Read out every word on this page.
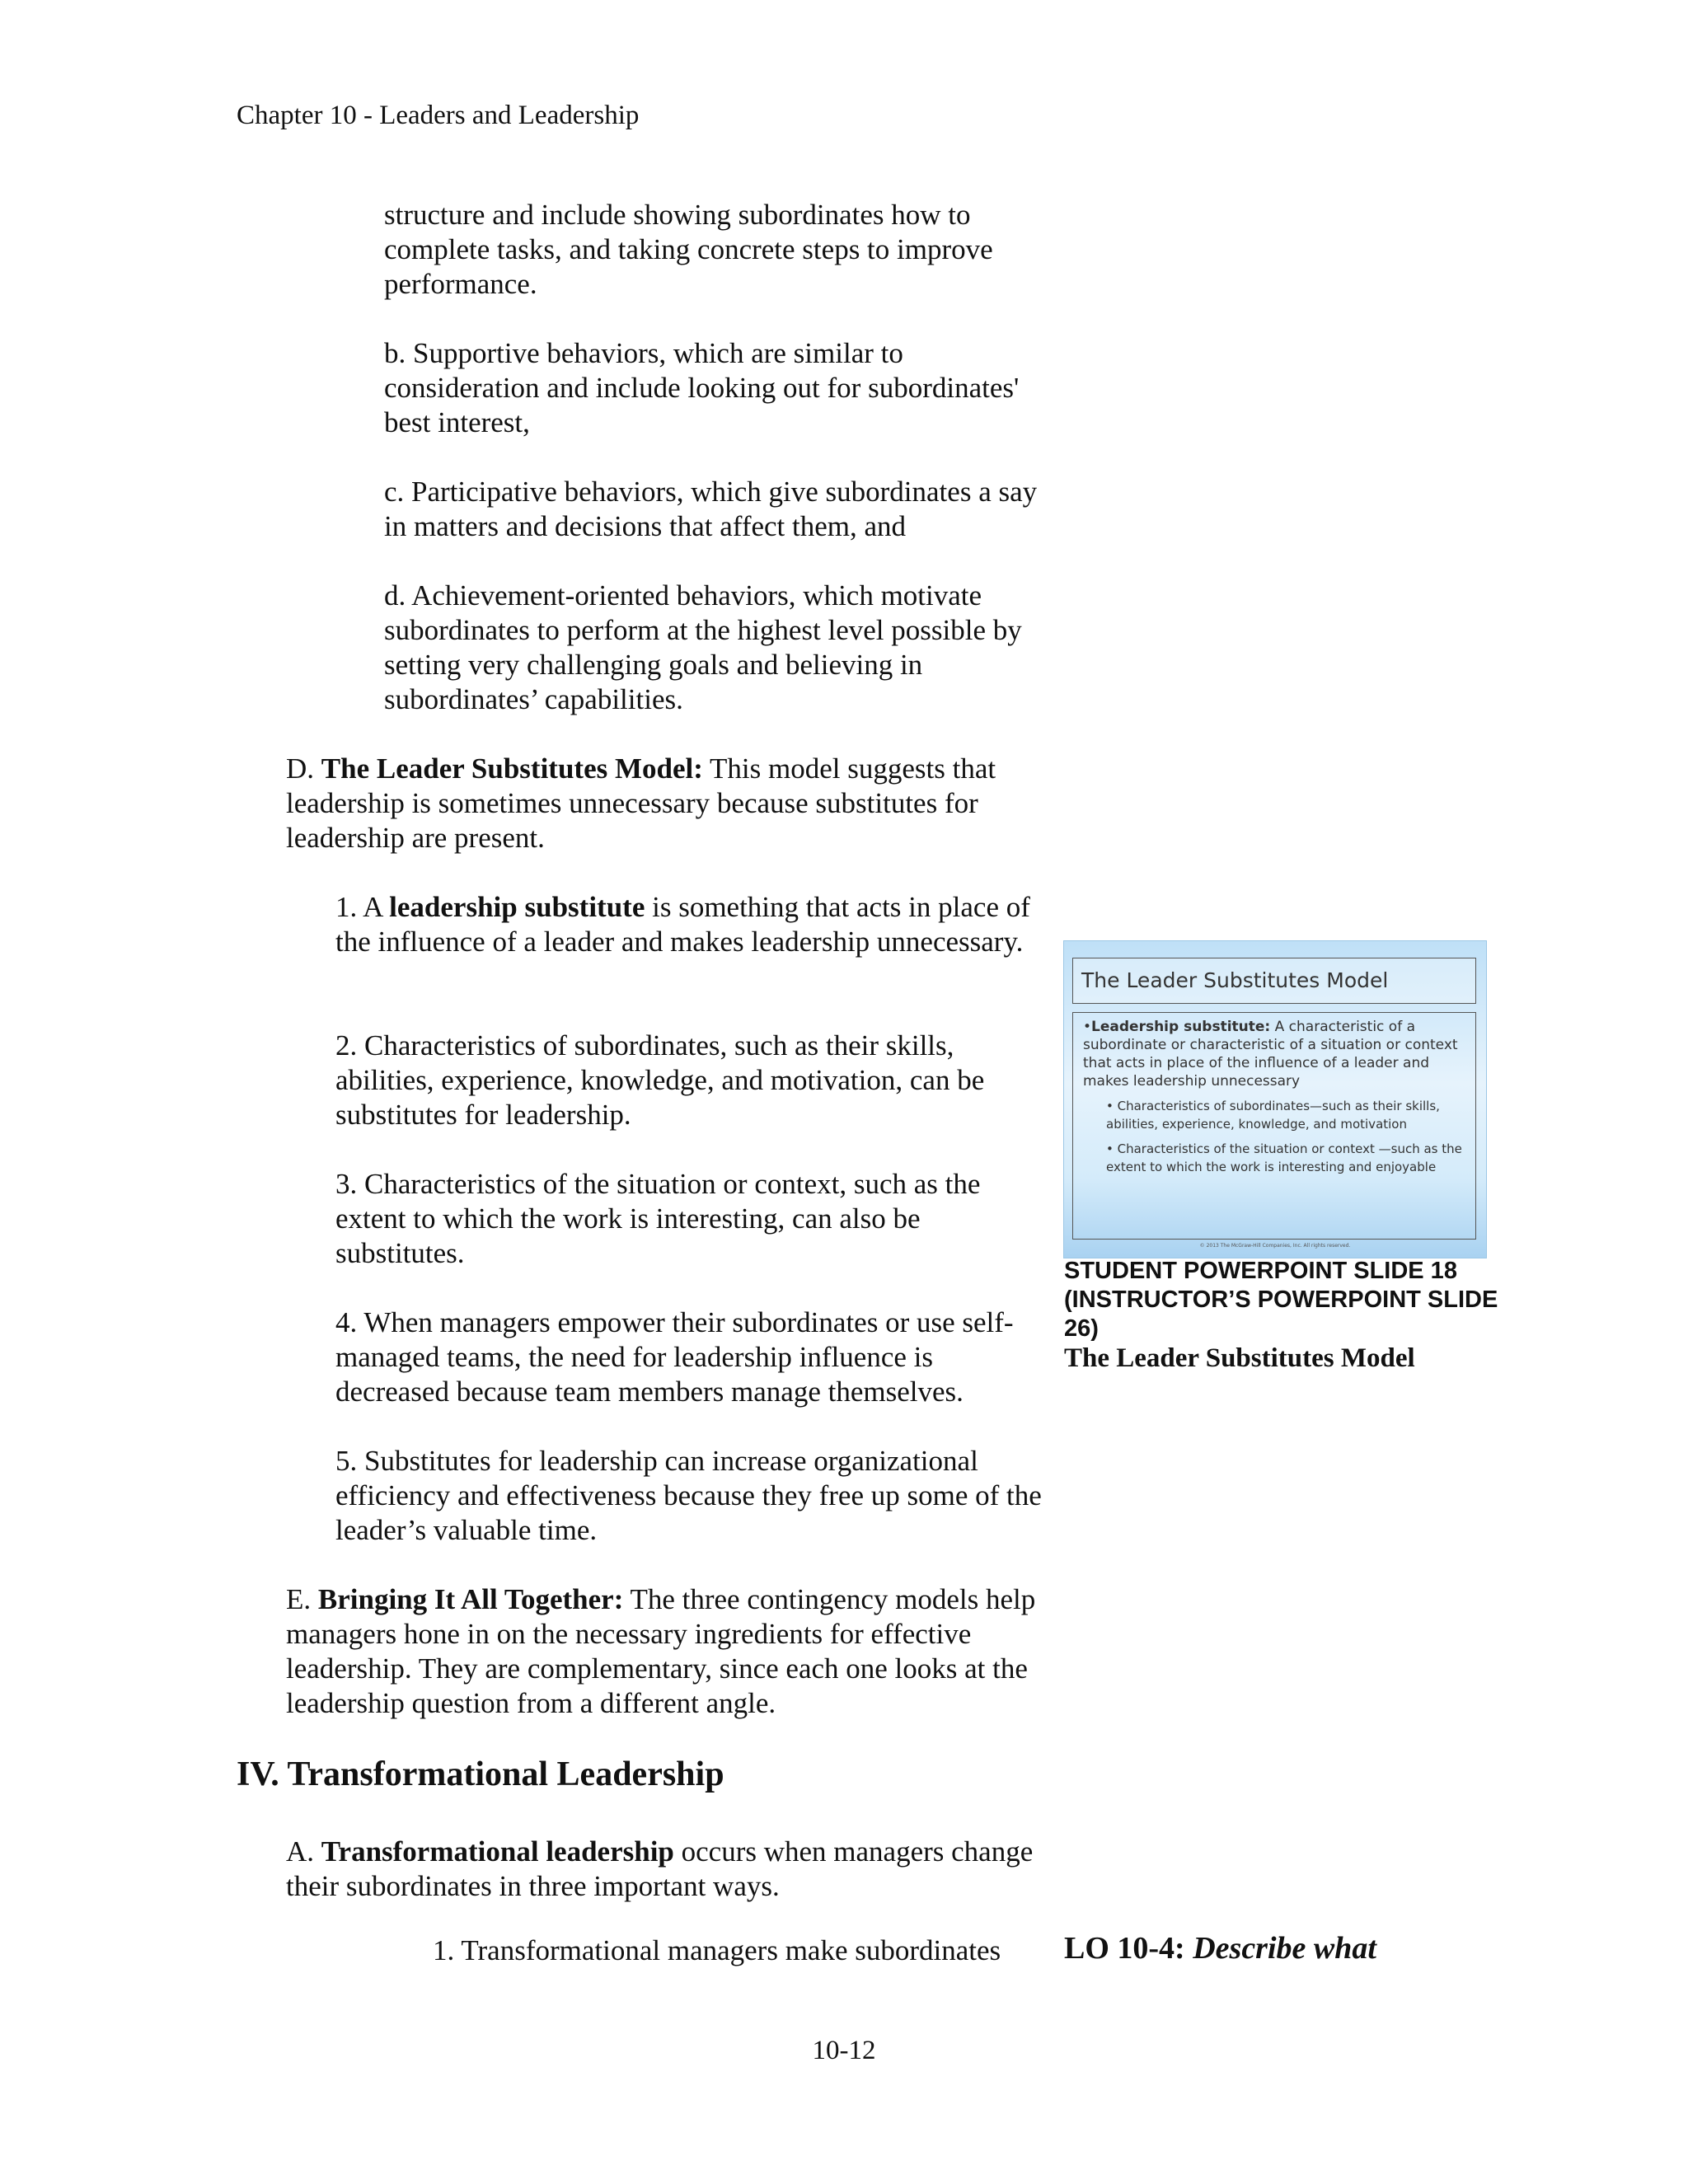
Chapter 10 - Leaders and Leadership

structure and include showing subordinates how to complete tasks, and taking concrete steps to improve performance.

b. Supportive behaviors, which are similar to consideration and include looking out for subordinates' best interest,

c. Participative behaviors, which give subordinates a say in matters and decisions that affect them, and

d. Achievement-oriented behaviors, which motivate subordinates to perform at the highest level possible by setting very challenging goals and believing in subordinates’ capabilities.

D. The Leader Substitutes Model: This model suggests that leadership is sometimes unnecessary because substitutes for leadership are present.

1. A leadership substitute is something that acts in place of the influence of a leader and makes leadership unnecessary.

2. Characteristics of subordinates, such as their skills, abilities, experience, knowledge, and motivation, can be substitutes for leadership.

3. Characteristics of the situation or context, such as the extent to which the work is interesting, can also be substitutes.

4. When managers empower their subordinates or use self-managed teams, the need for leadership influence is decreased because team members manage themselves.

5. Substitutes for leadership can increase organizational efficiency and effectiveness because they free up some of the leader’s valuable time.

E. Bringing It All Together: The three contingency models help managers hone in on the necessary ingredients for effective leadership. They are complementary, since each one looks at the leadership question from a different angle.

IV. Transformational Leadership

A. Transformational leadership occurs when managers change their subordinates in three important ways.

1. Transformational managers make subordinates

The Leader Substitutes Model

•Leadership substitute: A characteristic of a subordinate or characteristic of a situation or context that acts in place of the influence of a leader and makes leadership unnecessary

• Characteristics of subordinates—such as their skills, abilities, experience, knowledge, and motivation

• Characteristics of the situation or context —such as the extent to which the work is interesting and enjoyable

© 2013 The McGraw-Hill Companies, Inc. All rights reserved.

STUDENT POWERPOINT SLIDE 18 (INSTRUCTOR’S POWERPOINT SLIDE 26)

The Leader Substitutes Model

LO 10-4: Describe what

10-12
